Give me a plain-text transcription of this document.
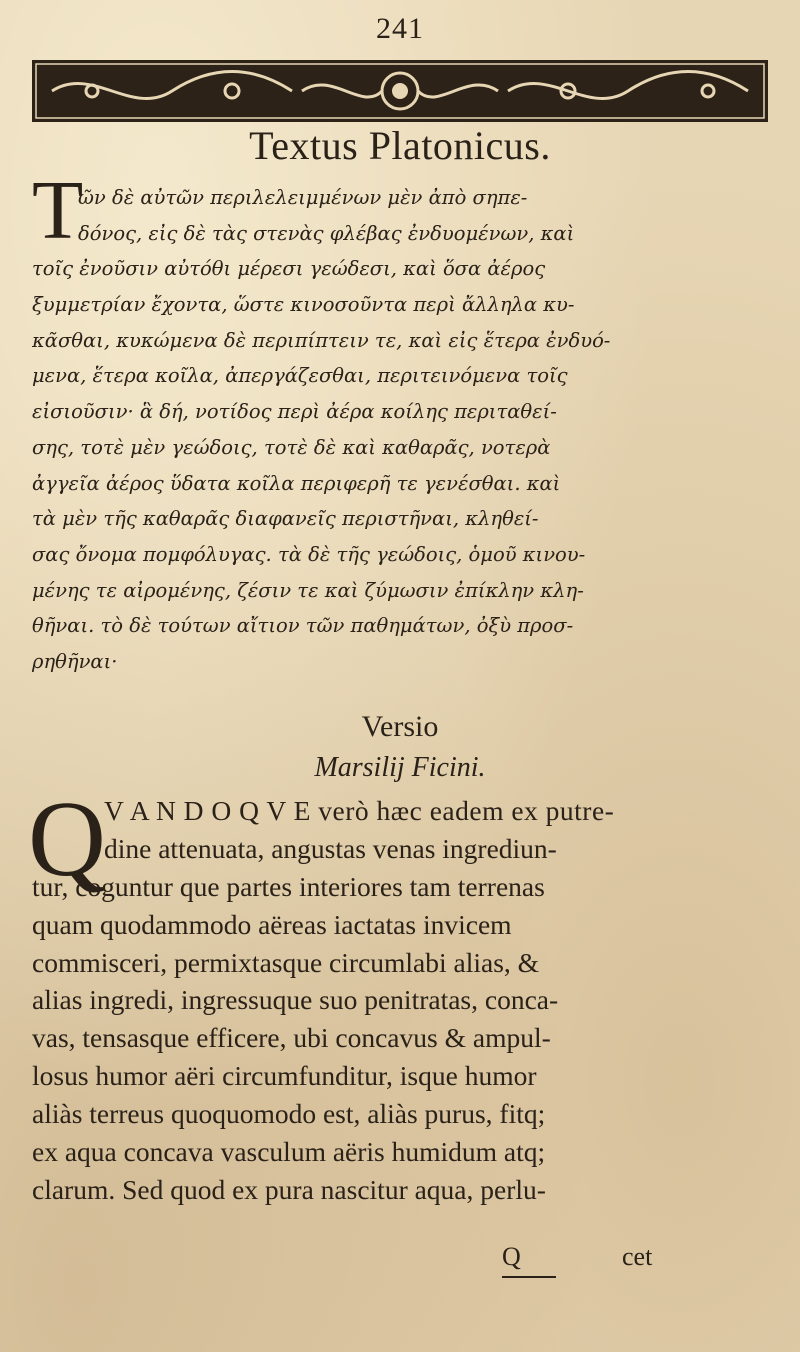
241
Textus Platonicus.
T
ῶν δὲ αὐτῶν περιλελειμμένων μὲν ἀπὸ σηπε-
δόνος, εἰς δὲ τὰς στενὰς φλέβας ἐνδυομένων, καὶ
τοῖς ἐνοῦσιν αὐτόθι μέρεσι γεώδεσι, καὶ ὅσα ἀέρος
ξυμμετρίαν ἔχοντα, ὥστε κινοσοῦντα περὶ ἄλληλα κυ-
κᾶσθαι, κυκώμενα δὲ περιπίπτειν τε, καὶ εἰς ἕτερα ἐνδυό-
μενα, ἕτερα κοῖλα, ἀπεργάζεσθαι, περιτεινόμενα τοῖς
εἰσιοῦσιν· ἃ δή, νοτίδος περὶ ἀέρα κοίλης περιταθεί-
σης, τοτὲ μὲν γεώδοις, τοτὲ δὲ καὶ καθαρᾶς, νοτερὰ
ἀγγεῖα ἀέρος ὕδατα κοῖλα περιφερῆ τε γενέσθαι. καὶ
τὰ μὲν τῆς καθαρᾶς διαφανεῖς περιστῆναι, κληθεί-
σας ὄνομα πομφόλυγας. τὰ δὲ τῆς γεώδοις, ὁμοῦ κινου-
μένης τε αἰρομένης, ζέσιν τε καὶ ζύμωσιν ἐπίκλην κλη-
θῆναι. τὸ δὲ τούτων αἴτιον τῶν παθημάτων, ὀξὺ προσ-
ρηθῆναι·
Versio
Marsilij Ficini.
Q
V A N D O Q V E verò hæc eadem ex putre-
dine attenuata, angustas venas ingrediun-
tur, coguntur que partes interiores tam terrenas
quam quodammodo aëreas iactatas invicem
commisceri, permixtasque circumlabi alias, &
alias ingredi, ingressuque suo penitratas, conca-
vas, tensasque efficere, ubi concavus & ampul-
losus humor aëri circumfunditur, isque humor
aliàs terreus quoquomodo est, aliàs purus, fitq;
ex aqua concava vasculum aëris humidum atq;
clarum. Sed quod ex pura nascitur aqua, perlu-
Q	cet
